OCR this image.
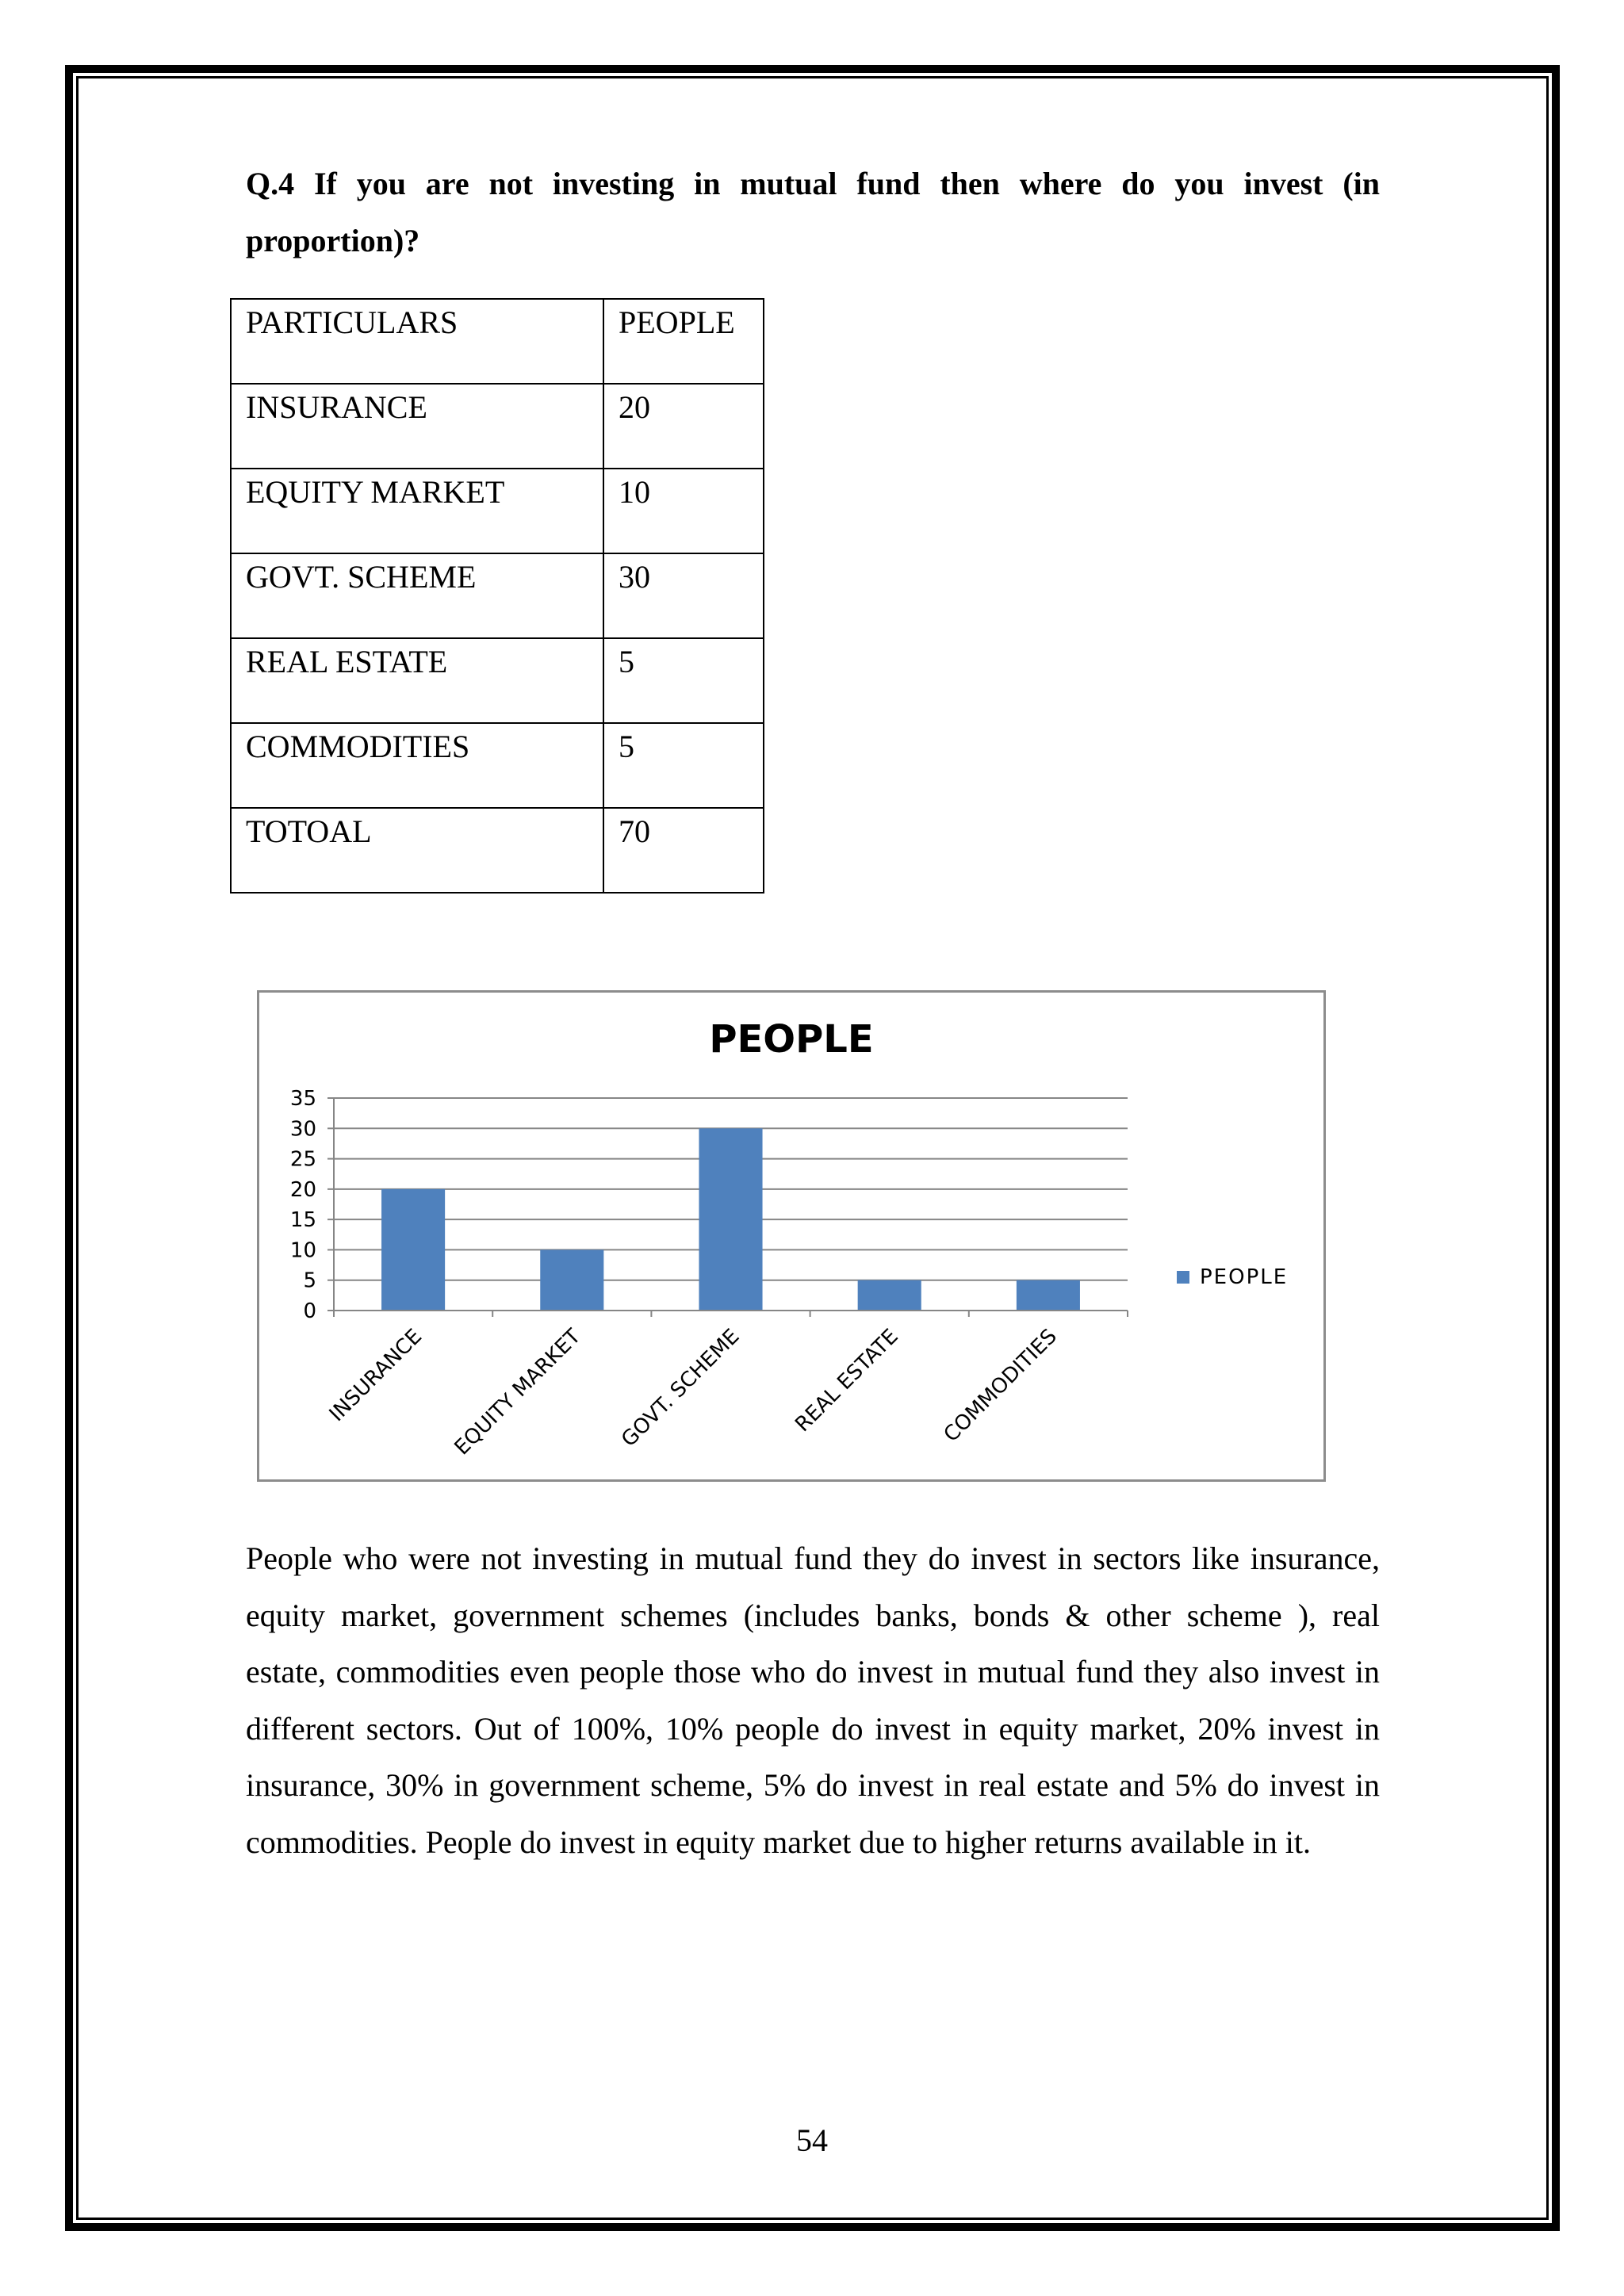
Q.4 If you are not investing in mutual fund then where do you invest (in proportion)?

PARTICULARS	PEOPLE
INSURANCE	20
EQUITY MARKET	10
GOVT. SCHEME	30
REAL ESTATE	5
COMMODITIES	5
TOTOAL	70
PEOPLE
0
5
10
15
20
25
30
35
INSURANCE EQUITY MARKET GOVT. SCHEME REAL ESTATE COMMODITIES
PEOPLE

People who were not investing in mutual fund they do invest in sectors like insurance, equity market, government schemes (includes banks, bonds & other scheme ), real estate, commodities even people those who do invest in mutual fund they also invest in different sectors. Out of 100%, 10% people do invest in equity market, 20% invest in insurance, 30% in government scheme, 5% do invest in real estate and 5% do invest in commodities. People do invest in equity market due to higher returns available in it.

54
